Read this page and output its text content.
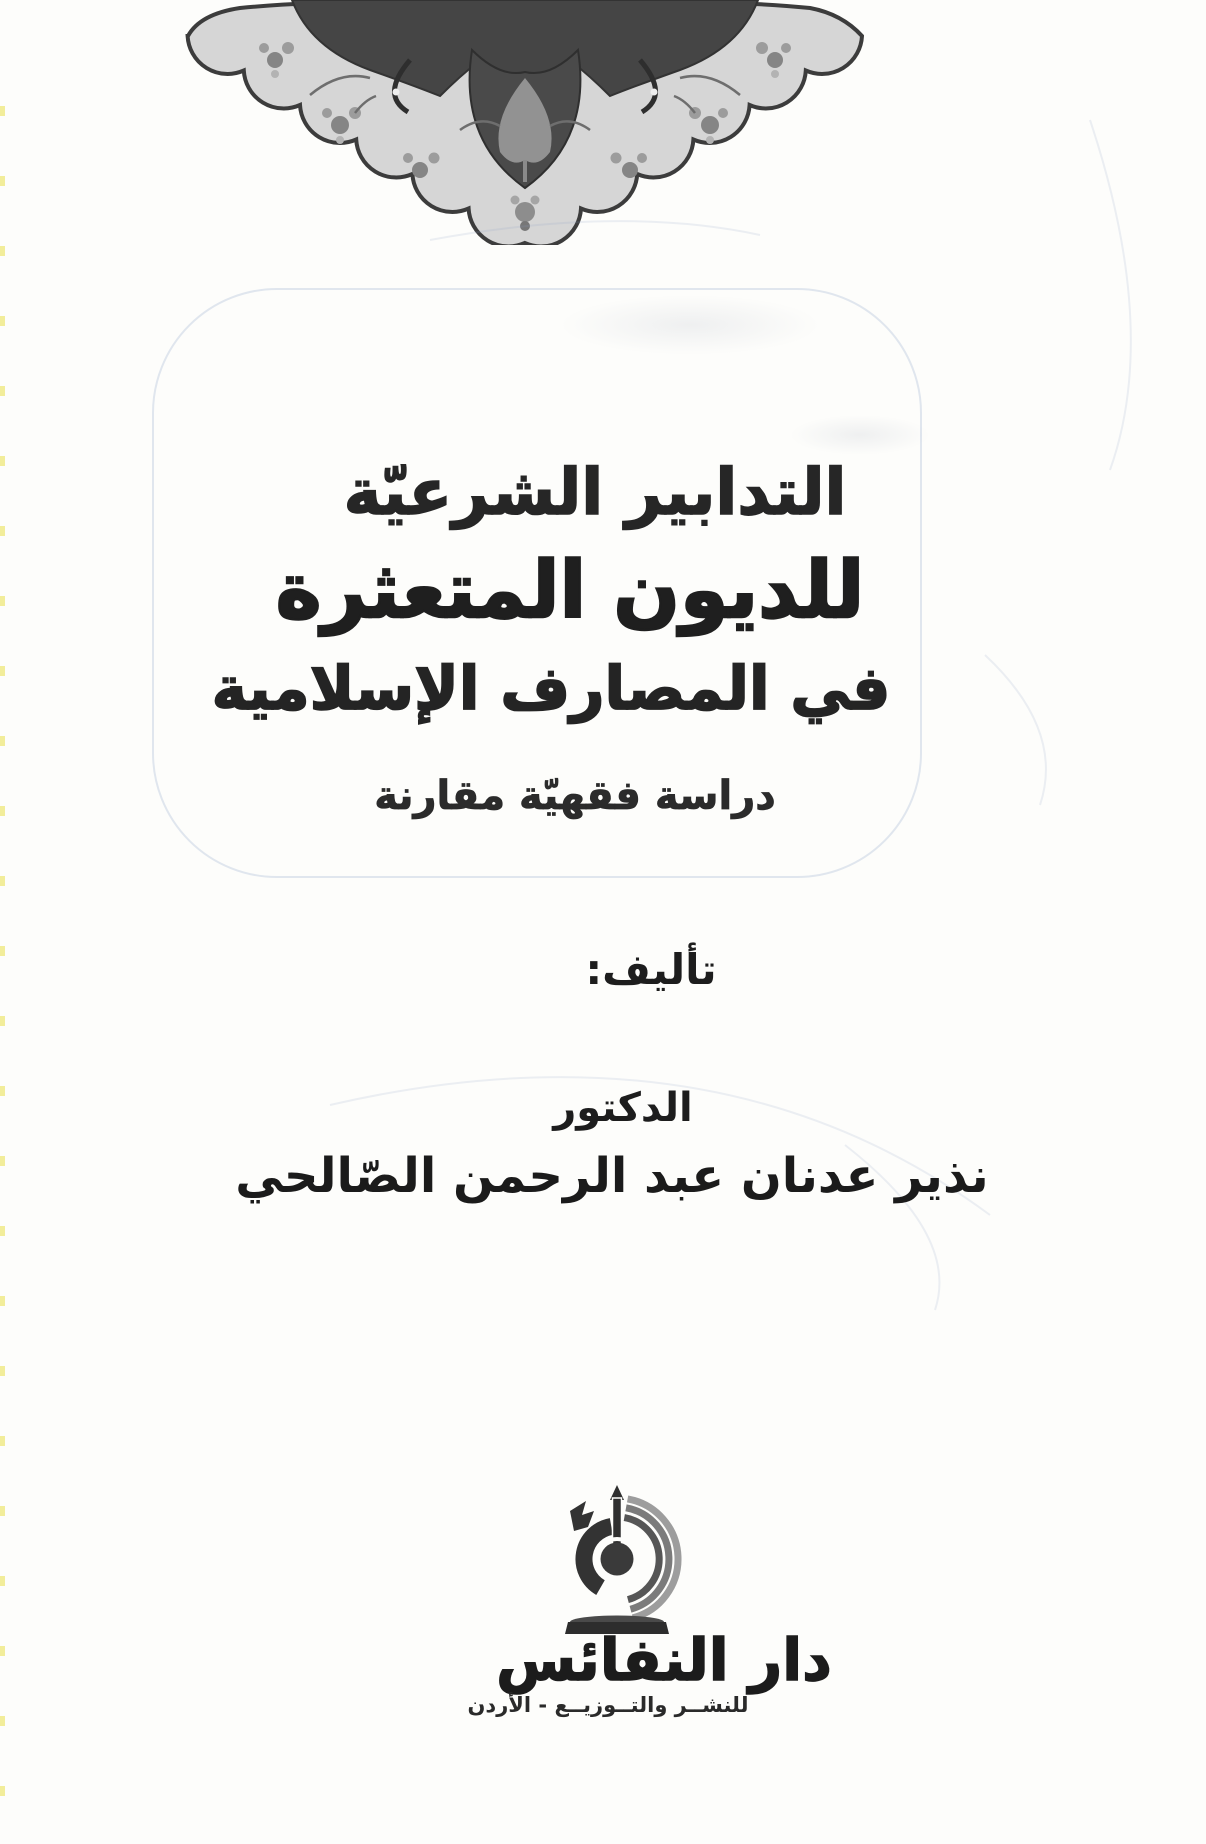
التدابير الشرعيّة
للديون المتعثرة
في المصارف الإسلامية
دراسة فقهيّة مقارنة
تأليف:
الدكتور
نذير عدنان عبد الرحمن الصّالحي
دار النفائس
للنشــر والتــوزيــع - الأردن
